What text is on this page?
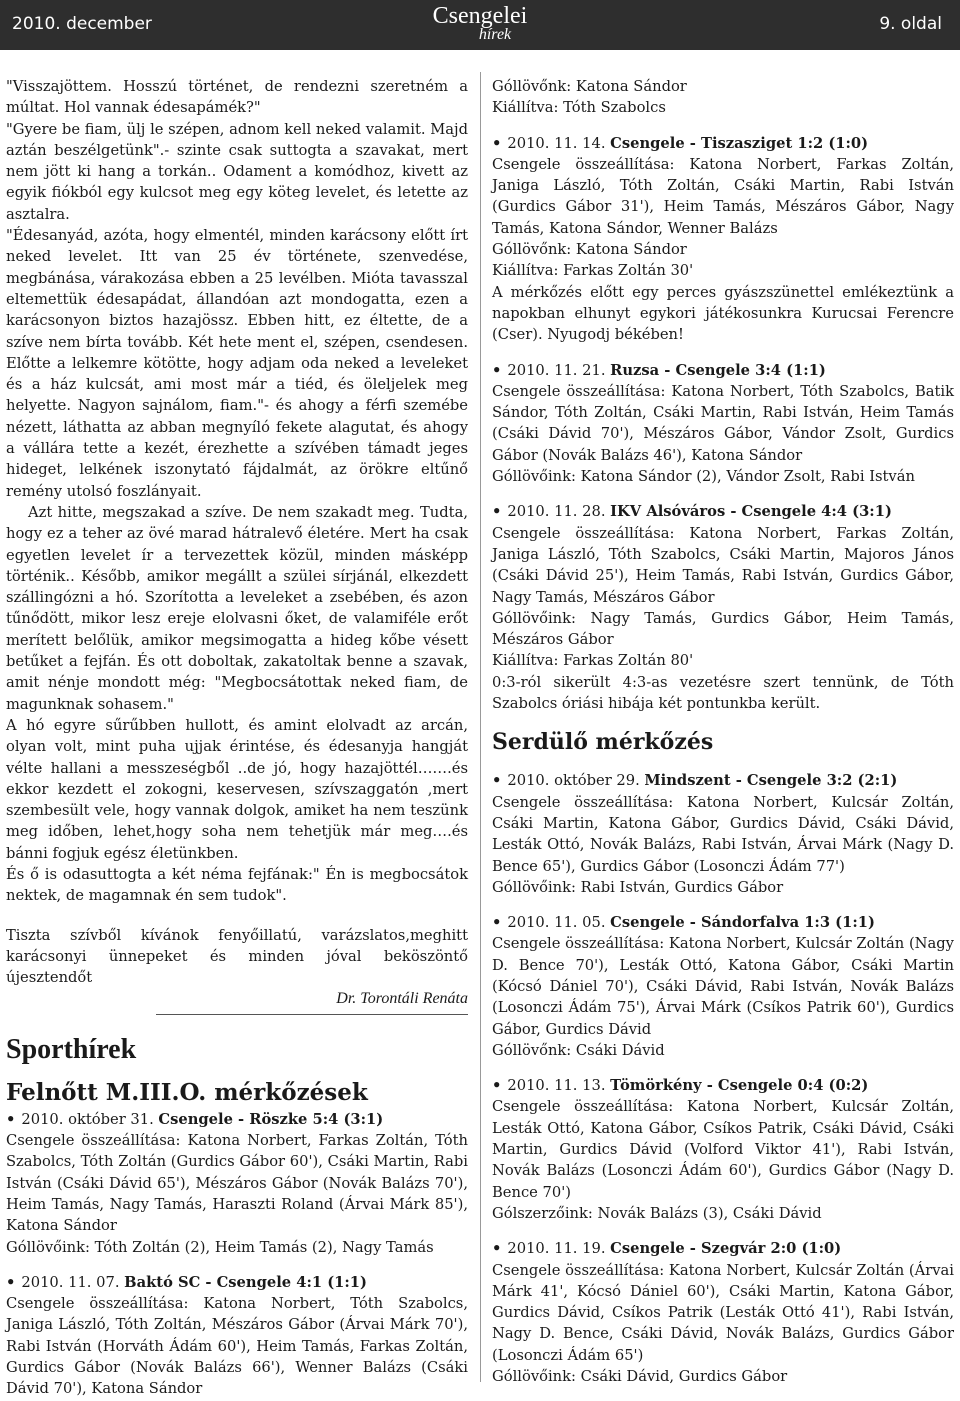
2010. december	Csengelei
hírek
9. oldal

"Visszajöttem. Hosszú történet, de rendezni szeretném a múltat. Hol vannak édesapámék?"

"Gyere be fiam, ülj le szépen, adnom kell neked valamit. Majd aztán beszélgetünk".- szinte csak suttogta a szavakat, mert nem jött ki hang a torkán.. Odament a komódhoz, kivett az egyik fiókból egy kulcsot meg egy köteg levelet, és letette az asztalra.

"Édesanyád, azóta, hogy elmentél, minden karácsony előtt írt neked levelet. Itt van 25 év története, szenvedése, megbánása, várakozása ebben a 25 levélben. Mióta tavasszal eltemettük édesapádat, állandóan azt mondogatta, ezen a karácsonyon biztos hazajössz. Ebben hitt, ez éltette, de a szíve nem bírta tovább. Két hete ment el, szépen, csendesen. Előtte a lelkemre kötötte, hogy adjam oda neked a leveleket és a ház kulcsát, ami most már a tiéd, és öleljelek meg helyette. Nagyon sajnálom, fiam."- és ahogy a férfi szemébe nézett, láthatta az abban megnyíló fekete alagutat, és ahogy a vállára tette a kezét, érezhette a szívében támadt jeges hideget, lelkének iszonytató fájdalmát, az örökre eltűnő remény utolsó foszlányait.

Azt hitte, megszakad a szíve. De nem szakadt meg. Tudta, hogy ez a teher az övé marad hátralevő életére. Mert ha csak egyetlen levelet ír a tervezettek közül, minden másképp történik.. Később, amikor megállt a szülei sírjánál, elkezdett szállingózni a hó. Szorította a leveleket a zsebében, és azon tűnődött, mikor lesz ereje elolvasni őket, de valamiféle erőt merített belőlük, amikor megsimogatta a hideg kőbe vésett betűket a fejfán. És ott doboltak, zakatoltak benne a szavak, amit nénje mondott még: "Megbocsátottak neked fiam, de magunknak sohasem."

A hó egyre sűrűbben hullott, és amint elolvadt az arcán, olyan volt, mint puha ujjak érintése, és édesanyja hangját vélte hallani a messzeségből ..de jó, hogy hazajöttél…….és ekkor kezdett el zokogni, keservesen, szívszaggatón ,mert szembesült vele, hogy vannak dolgok, amiket ha nem teszünk meg időben, lehet,hogy soha nem tehetjük már meg….és bánni fogjuk egész életünkben.

És ő is odasuttogta a két néma fejfának:" Én is megbocsátok nektek, de magamnak én sem tudok".

Tiszta szívből kívánok fenyőillatú, varázslatos,meghitt karácsonyi ünnepeket és minden jóval beköszöntő újesztendőt

Dr. Torontáli Renáta

Sporthírek
Felnőtt M.III.O. mérkőzések

• 2010. október 31. Csengele - Röszke 5:4 (3:1)

Csengele összeállítása: Katona Norbert, Farkas Zoltán, Tóth Szabolcs, Tóth Zoltán (Gurdics Gábor 60'), Csáki Martin, Rabi István (Csáki Dávid 65'), Mészáros Gábor (Novák Balázs 70'), Heim Tamás, Nagy Tamás, Haraszti Roland (Árvai Márk 85'), Katona Sándor

Góllövőink: Tóth Zoltán (2), Heim Tamás (2), Nagy Tamás

• 2010. 11. 07. Baktó SC - Csengele 4:1 (1:1)

Csengele összeállítása: Katona Norbert, Tóth Szabolcs, Janiga László, Tóth Zoltán, Mészáros Gábor (Árvai Márk 70'), Rabi István (Horváth Ádám 60'), Heim Tamás, Farkas Zoltán, Gurdics Gábor (Novák Balázs 66'), Wenner Balázs (Csáki Dávid 70'), Katona Sándor

Góllövőnk: Katona Sándor

Kiállítva: Tóth Szabolcs

• 2010. 11. 14. Csengele - Tiszasziget 1:2 (1:0)

Csengele összeállítása: Katona Norbert, Farkas Zoltán, Janiga László, Tóth Zoltán, Csáki Martin, Rabi István (Gurdics Gábor 31'), Heim Tamás, Mészáros Gábor, Nagy Tamás, Katona Sándor, Wenner Balázs

Góllövőnk: Katona Sándor

Kiállítva: Farkas Zoltán 30'

A mérkőzés előtt egy perces gyászszünettel emlékeztünk a napokban elhunyt egykori játékosunkra Kurucsai Ferencre (Cser). Nyugodj békében!

• 2010. 11. 21. Ruzsa - Csengele 3:4 (1:1)

Csengele összeállítása: Katona Norbert, Tóth Szabolcs, Batik Sándor, Tóth Zoltán, Csáki Martin, Rabi István, Heim Tamás (Csáki Dávid 70'), Mészáros Gábor, Vándor Zsolt, Gurdics Gábor (Novák Balázs 46'), Katona Sándor

Góllövőink: Katona Sándor (2), Vándor Zsolt, Rabi István

• 2010. 11. 28. IKV Alsóváros - Csengele 4:4 (3:1)

Csengele összeállítása: Katona Norbert, Farkas Zoltán, Janiga László, Tóth Szabolcs, Csáki Martin, Majoros János (Csáki Dávid 25'), Heim Tamás, Rabi István, Gurdics Gábor, Nagy Tamás, Mészáros Gábor

Góllövőink: Nagy Tamás, Gurdics Gábor, Heim Tamás, Mészáros Gábor

Kiállítva: Farkas Zoltán 80'

0:3-ról sikerült 4:3-as vezetésre szert tennünk, de Tóth Szabolcs óriási hibája két pontunkba került.

Serdülő mérkőzés

• 2010. október 29. Mindszent - Csengele 3:2 (2:1)

Csengele összeállítása: Katona Norbert, Kulcsár Zoltán, Csáki Martin, Katona Gábor, Gurdics Dávid, Csáki Dávid, Lesták Ottó, Novák Balázs, Rabi István, Árvai Márk (Nagy D. Bence 65'), Gurdics Gábor (Losonczi Ádám 77')

Góllövőink: Rabi István, Gurdics Gábor

• 2010. 11. 05. Csengele - Sándorfalva 1:3 (1:1)

Csengele összeállítása: Katona Norbert, Kulcsár Zoltán (Nagy D. Bence 70'), Lesták Ottó, Katona Gábor, Csáki Martin (Kócsó Dániel 70'), Csáki Dávid, Rabi István, Novák Balázs (Losonczi Ádám 75'), Árvai Márk (Csíkos Patrik 60'), Gurdics Gábor, Gurdics Dávid

Góllövőnk: Csáki Dávid

• 2010. 11. 13. Tömörkény - Csengele 0:4 (0:2)

Csengele összeállítása: Katona Norbert, Kulcsár Zoltán, Lesták Ottó, Katona Gábor, Csíkos Patrik, Csáki Dávid, Csáki Martin, Gurdics Dávid (Volford Viktor 41'), Rabi István, Novák Balázs (Losonczi Ádám 60'), Gurdics Gábor (Nagy D. Bence 70')

Gólszerzőink: Novák Balázs (3), Csáki Dávid

• 2010. 11. 19. Csengele - Szegvár 2:0 (1:0)

Csengele összeállítása: Katona Norbert, Kulcsár Zoltán (Árvai Márk 41', Kócsó Dániel 60'), Csáki Martin, Katona Gábor, Gurdics Dávid, Csíkos Patrik (Lesták Ottó 41'), Rabi István, Nagy D. Bence, Csáki Dávid, Novák Balázs, Gurdics Gábor (Losonczi Ádám 65')

Góllövőink: Csáki Dávid, Gurdics Gábor
